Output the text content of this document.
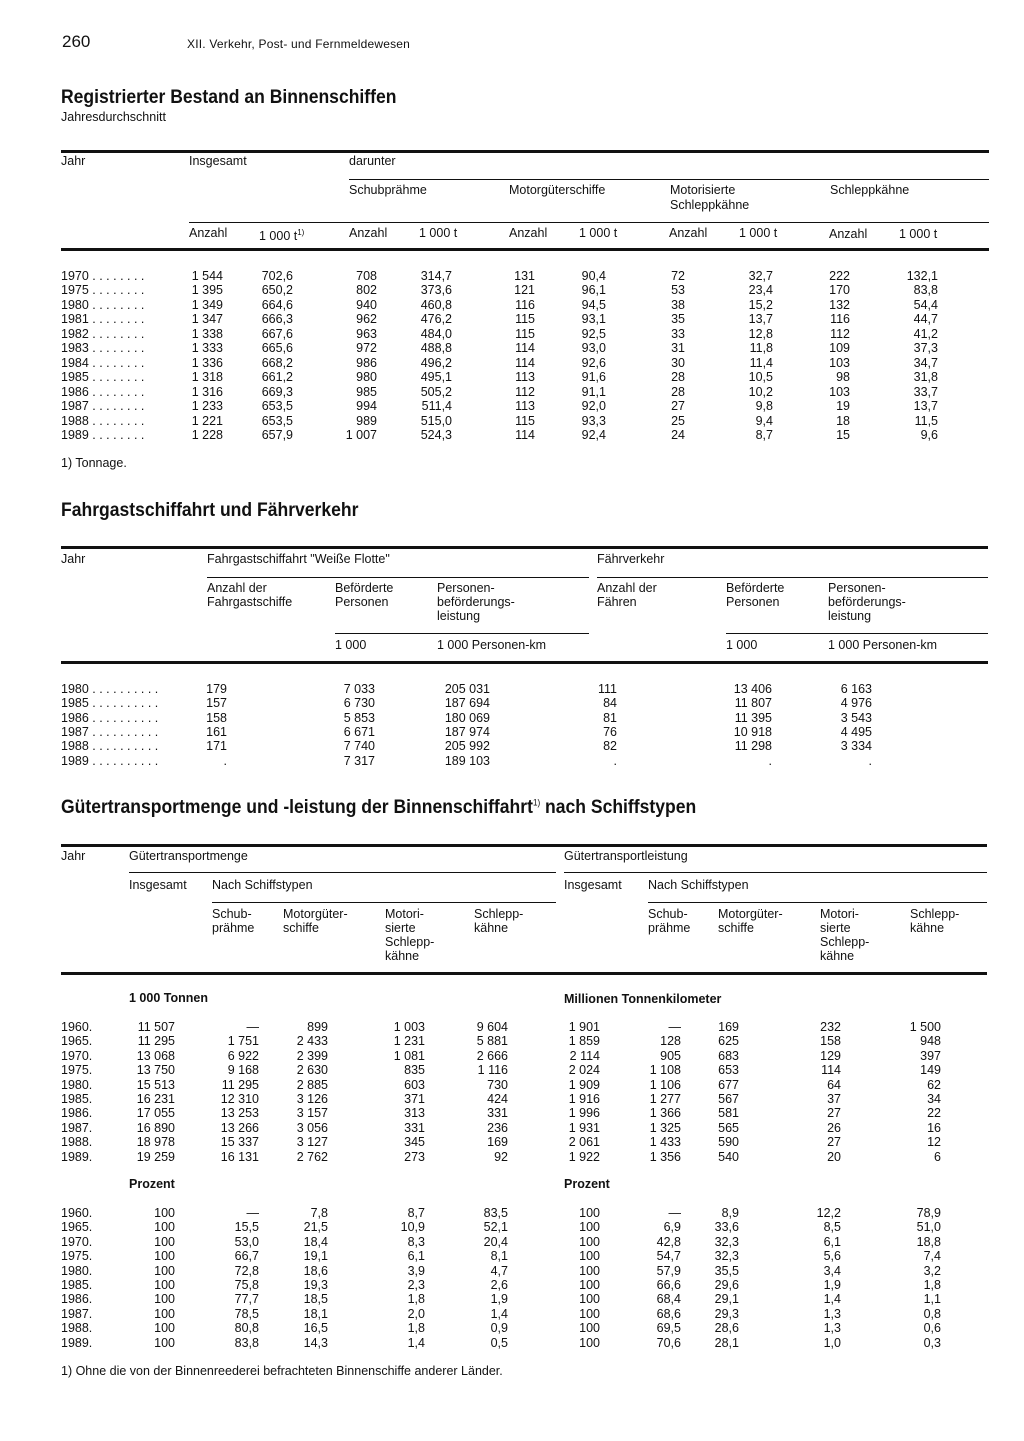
260	XII. Verkehr, Post- und Fernmeldewesen
Registrierter Bestand an Binnenschiffen
Jahresdurchschnitt
Jahr	Insgesamt	darunter
Schubprähme	Motorgüterschiffe	Motorisierte
Schleppkähne
Schleppkähne
Anzahl	1 000 $t^{1)}$	Anzahl	1 000 t	Anzahl	1 000 t	Anzahl	1 000 t	Anzahl	1 000 t
1970 . . . . . . . .	1 544	702,6	708	314,7	131	90,4	72	32,7	222	132,1
1975 . . . . . . . .	1 395	650,2	802	373,6	121	96,1	53	23,4	170	83,8
1980 . . . . . . . .	1 349	664,6	940	460,8	116	94,5	38	15,2	132	54,4
1981 . . . . . . . .	1 347	666,3	962	476,2	115	93,1	35	13,7	116	44,7
1982 . . . . . . . .	1 338	667,6	963	484,0	115	92,5	33	12,8	112	41,2
1983 . . . . . . . .	1 333	665,6	972	488,8	114	93,0	31	11,8	109	37,3
1984 . . . . . . . .	1 336	668,2	986	496,2	114	92,6	30	11,4	103	34,7
1985 . . . . . . . .	1 318	661,2	980	495,1	113	91,6	28	10,5	98	31,8
1986 . . . . . . . .	1 316	669,3	985	505,2	112	91,1	28	10,2	103	33,7
1987 . . . . . . . .	1 233	653,5	994	511,4	113	92,0	27	9,8	19	13,7
1988 . . . . . . . .	1 221	653,5	989	515,0	115	93,3	25	9,4	18	11,5
1989 . . . . . . . .	1 228	657,9	1 007	524,3	114	92,4	24	8,7	15	9,6
1) Tonnage.
Fahrgastschiffahrt und Fährverkehr
Jahr	Fahrgastschiffahrt "Weiße Flotte"	Fährverkehr
Anzahl der
Fahrgastschiffe
Beförderte
Personen
Personen-
beförderungs-
leistung
Anzahl der
Fähren
Beförderte
Personen
Personen-
beförderungs-
leistung
1 000	1 000 Personen-km	1 000	1 000 Personen-km
1980 . . . . . . . . . .	179	7 033	205 031	111	13 406	6 163
1985 . . . . . . . . . .	157	6 730	187 694	84	11 807	4 976
1986 . . . . . . . . . .	158	5 853	180 069	81	11 395	3 543
1987 . . . . . . . . . .	161	6 671	187 974	76	10 918	4 495
1988 . . . . . . . . . .	171	7 740	205 992	82	11 298	3 334
1989 . . . . . . . . . .	.	7 317	189 103	.	.	.
Gütertransportmenge und -leistung der Binnenschiffahrt$^{1)}$ nach Schiffstypen
Jahr	Gütertransportmenge	Gütertransportleistung
Insgesamt Nach Schiffstypen	Insgesamt Nach Schiffstypen
Schub-
prähme
Motorgüter-
schiffe
Motori-
sierte
Schlepp-
kähne
Schlepp-
kähne
Schub-
prähme
Motorgüter-
schiffe
Motori-
sierte
Schlepp-
kähne
Schlepp-
kähne
1 000 Tonnen	Millionen Tonnenkilometer
1960.	11 507	—	899	1 003	9 604	1 901	—	169	232	1 500
1965.	11 295	1 751	2 433	1 231	5 881	1 859	128	625	158	948
1970.	13 068	6 922	2 399	1 081	2 666	2 114	905	683	129	397
1975.	13 750	9 168	2 630	835	1 116	2 024	1 108	653	114	149
1980.	15 513	11 295	2 885	603	730	1 909	1 106	677	64	62
1985.	16 231	12 310	3 126	371	424	1 916	1 277	567	37	34
1986.	17 055	13 253	3 157	313	331	1 996	1 366	581	27	22
1987.	16 890	13 266	3 056	331	236	1 931	1 325	565	26	16
1988.	18 978	15 337	3 127	345	169	2 061	1 433	590	27	12
1989.	19 259	16 131	2 762	273	92	1 922	1 356	540	20	6
Prozent	Prozent
1960.	100	—	7,8	8,7	83,5	100	—	8,9	12,2	78,9
1965.	100	15,5	21,5	10,9	52,1	100	6,9	33,6	8,5	51,0
1970.	100	53,0	18,4	8,3	20,4	100	42,8	32,3	6,1	18,8
1975.	100	66,7	19,1	6,1	8,1	100	54,7	32,3	5,6	7,4
1980.	100	72,8	18,6	3,9	4,7	100	57,9	35,5	3,4	3,2
1985.	100	75,8	19,3	2,3	2,6	100	66,6	29,6	1,9	1,8
1986.	100	77,7	18,5	1,8	1,9	100	68,4	29,1	1,4	1,1
1987.	100	78,5	18,1	2,0	1,4	100	68,6	29,3	1,3	0,8
1988.	100	80,8	16,5	1,8	0,9	100	69,5	28,6	1,3	0,6
1989.	100	83,8	14,3	1,4	0,5	100	70,6	28,1	1,0	0,3
1) Ohne die von der Binnenreederei befrachteten Binnenschiffe anderer Länder.
